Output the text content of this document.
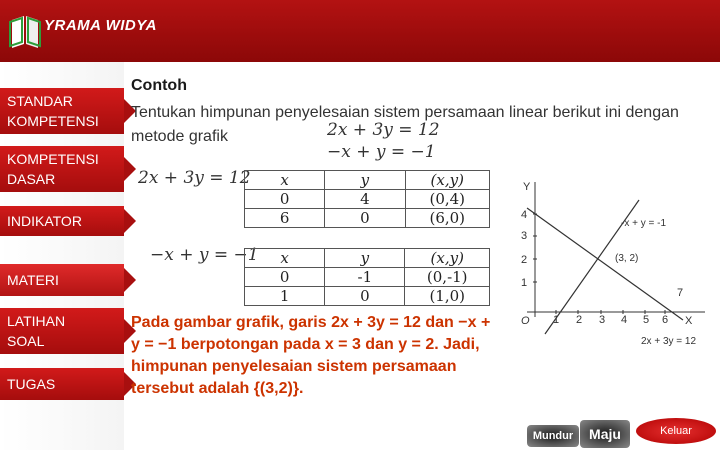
YRAMA WIDYA
STANDAR KOMPETENSI
KOMPETENSI DASAR
INDIKATOR
MATERI
LATIHAN SOAL
TUGAS
Contoh
Tentukan himpunan penyelesaian sistem persamaan linear berikut ini dengan metode grafik	2x + 3y = 12
−x + y = −1
2x + 3y = 12 x	y	(x,y)
0	4	(0,4)
6	0	(6,0)
−x + y = −1 x	y	(x,y)
0	-1	(0,-1)
1	0	(1,0)
Pada gambar grafik, garis 2x + 3y = 12 dan −x + y = −1 berpotongan pada x = 3 dan y = 2. Jadi, himpunan penyelesaian sistem persamaan tersebut adalah {(3,2)}.
Y
X
O 1 2 3 4 5 6
1
2
3
4
-x + y = -1
(3, 2)
7
2x + 3y = 12
Mundur	Maju	Keluar
